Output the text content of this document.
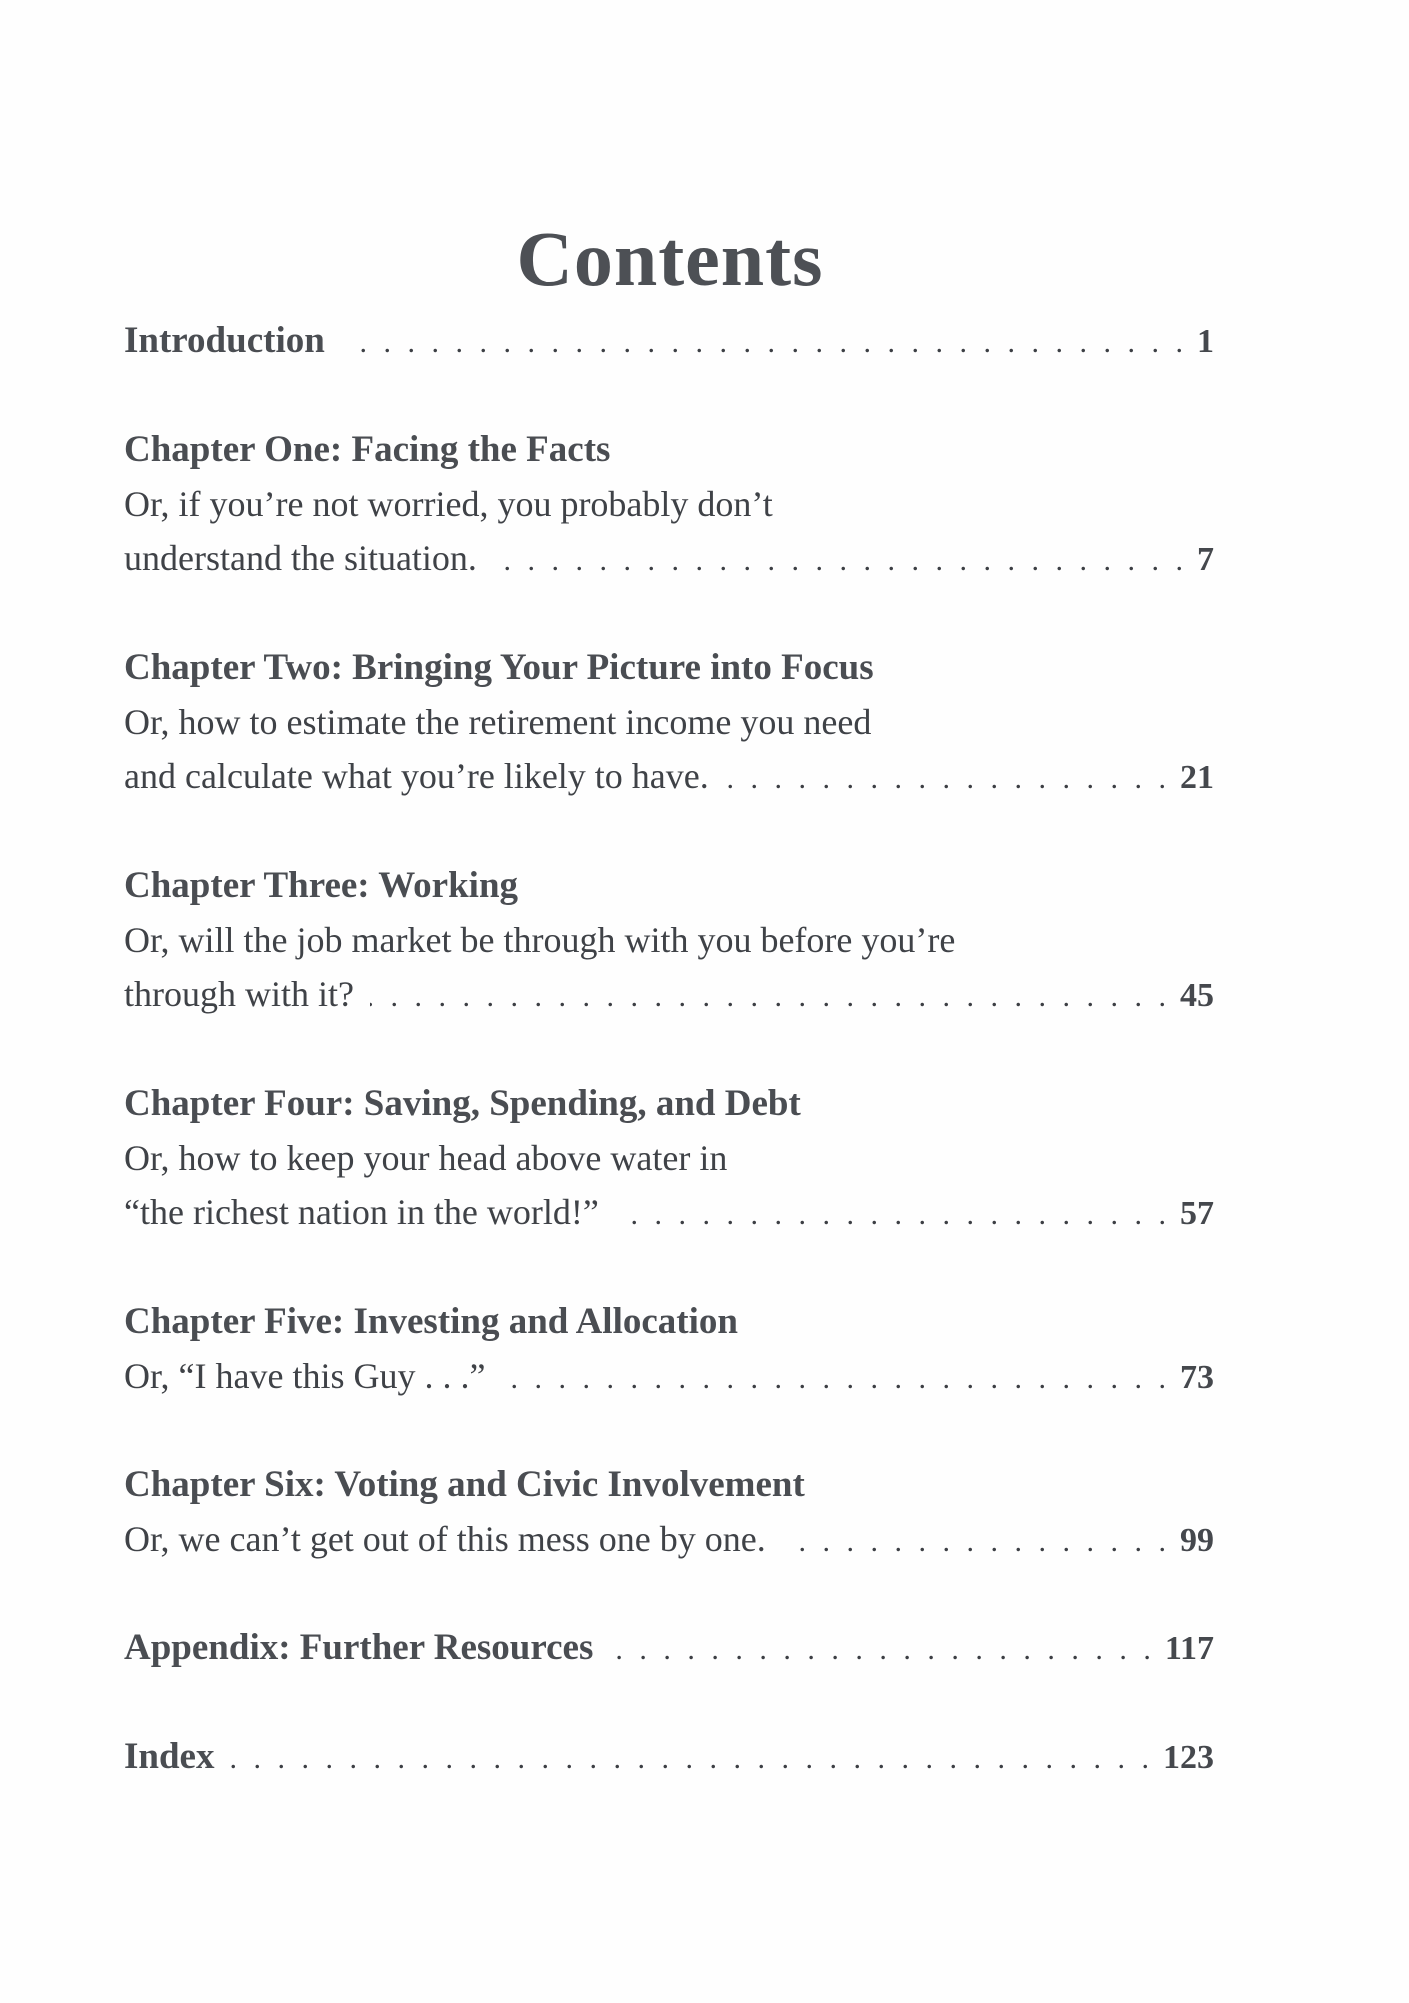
Contents
Introduction . . .	1
Chapter One: Facing the Facts
Or, if you’re not worried, you probably don’t
understand the situation. . . .	7
Chapter Two: Bringing Your Picture into Focus
Or, how to estimate the retirement income you need
and calculate what you’re likely to have. . . .	21
Chapter Three: Working
Or, will the job market be through with you before you’re
through with it? . . .	45
Chapter Four: Saving, Spending, and Debt
Or, how to keep your head above water in
“the richest nation in the world!” . . .	57
Chapter Five: Investing and Allocation
Or, “I have this Guy . . .” . . .	73
Chapter Six: Voting and Civic Involvement
Or, we can’t get out of this mess one by one. . . .	99
Appendix: Further Resources . . .	117
Index . . .	123
